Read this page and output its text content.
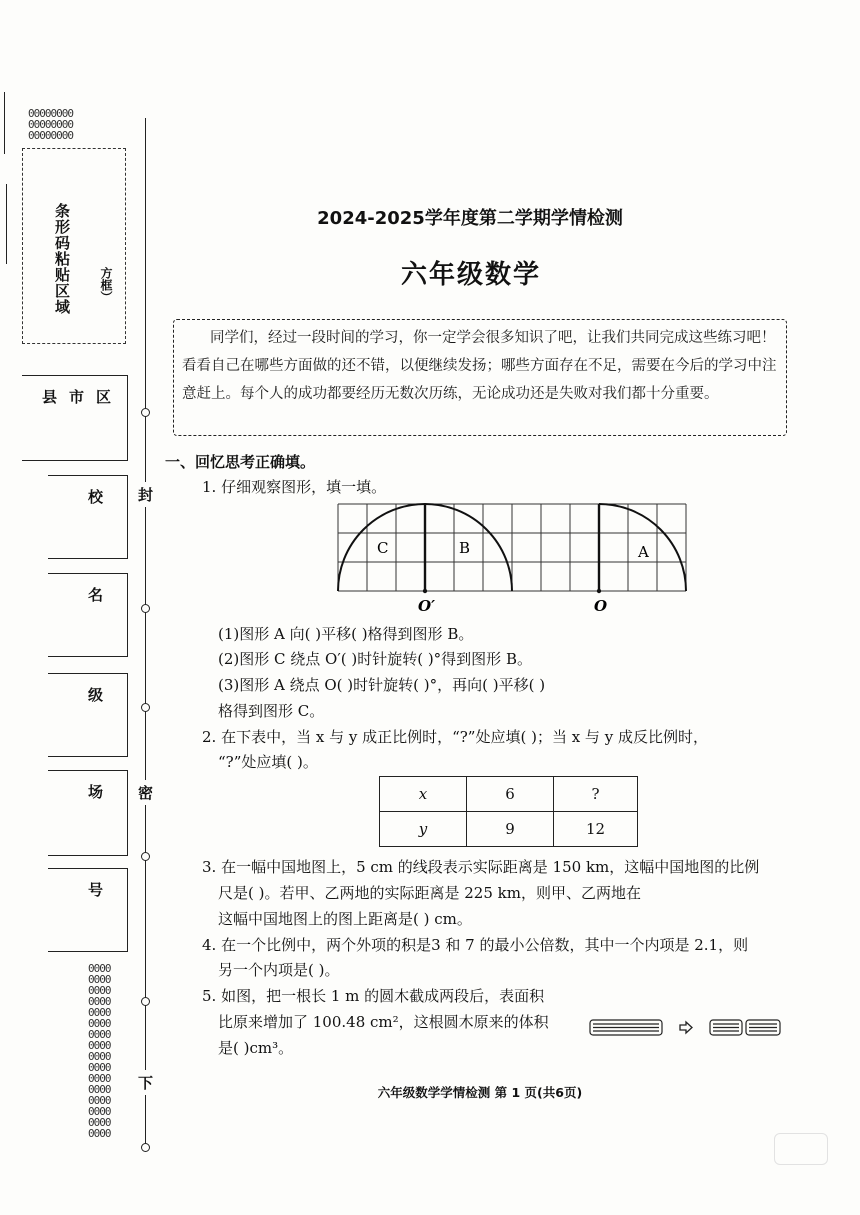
00000000
00000000
00000000
条形码粘贴区域 方框）
县市区
校
名
级
场
号
0000
0000
0000
0000
0000
0000
0000
0000
0000
0000
0000
0000
0000
0000
0000
0000
封
密
下
2024-2025学年度第二学期学情检测
六年级数学
同学们，经过一段时间的学习，你一定学会很多知识了吧，让我们共同完成这些练习吧！看看自己在哪些方面做的还不错，以便继续发扬；哪些方面存在不足，需要在今后的学习中注意赶上。每个人的成功都要经历无数次历练，无论成功还是失败对我们都十分重要。
一、回忆思考正确填。
1. 仔细观察图形，填一填。
C	B	A
O′	O
(1)图形 A 向( )平移( )格得到图形 B。
(2)图形 C 绕点 O′( )时针旋转( )°得到图形 B。
(3)图形 A 绕点 O( )时针旋转( )°，再向( )平移( )
格得到图形 C。
2. 在下表中，当 x 与 y 成正比例时，“?”处应填( )；当 x 与 y 成反比例时，
“?”处应填( )。
x	6	?
y	9	12
3. 在一幅中国地图上，5 cm 的线段表示实际距离是 150 km，这幅中国地图的比例
尺是( )。若甲、乙两地的实际距离是 225 km，则甲、乙两地在
这幅中国地图上的图上距离是( ) cm。
4. 在一个比例中，两个外项的积是3 和 7 的最小公倍数，其中一个内项是 2.1，则
另一个内项是( )。
5. 如图，把一根长 1 m 的圆木截成两段后，表面积
比原来增加了 100.48 cm²，这根圆木原来的体积
是( )cm³。
六年级数学学情检测 第 1 页(共6页)
